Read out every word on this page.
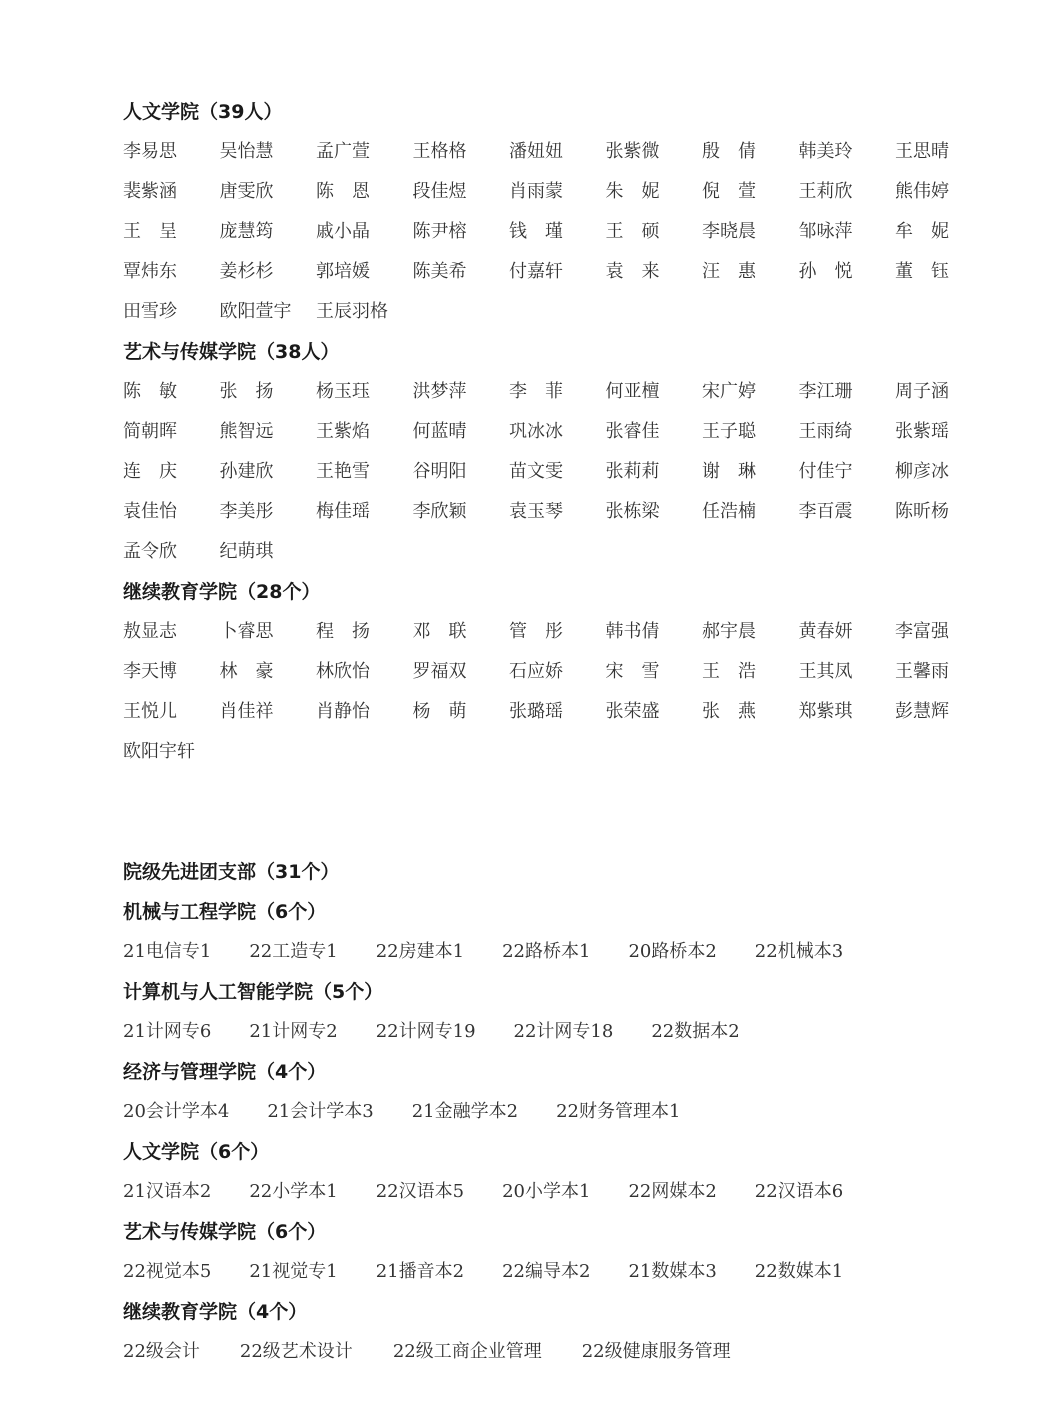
人文学院（39人）
李易思	吴怡慧	孟广萱	王格格	潘妞妞	张紫微	殷　倩	韩美玲	王思晴
裴紫涵	唐雯欣	陈　恩	段佳煜	肖雨蒙	朱　妮	倪　萱	王莉欣	熊伟婷
王　呈	庞慧筠	戚小晶	陈尹榕	钱　瑾	王　硕	李晓晨	邹咏萍	牟　妮
覃炜东	姜杉杉	郭培媛	陈美希	付嘉轩	袁　来	汪　惠	孙　悦	董　钰
田雪珍	欧阳萱宇	王辰羽格
艺术与传媒学院（38人）
陈　敏	张　扬	杨玉珏	洪梦萍	李　菲	何亚檀	宋广婷	李江珊	周子涵
简朝晖	熊智远	王紫焰	何蓝晴	巩冰冰	张睿佳	王子聪	王雨绮	张紫瑶
连　庆	孙建欣	王艳雪	谷明阳	苗文雯	张莉莉	谢　琳	付佳宁	柳彦冰
袁佳怡	李美彤	梅佳瑶	李欣颖	袁玉琴	张栋梁	任浩楠	李百震	陈昕杨
孟令欣	纪萌琪
继续教育学院（28个）
敖显志	卜睿思	程　扬	邓　联	管　彤	韩书倩	郝宇晨	黄春妍	李富强
李天博	林　豪	林欣怡	罗福双	石应娇	宋　雪	王　浩	王其凤	王馨雨
王悦儿	肖佳祥	肖静怡	杨　萌	张璐瑶	张荣盛	张　燕	郑紫琪	彭慧辉
欧阳宇轩
院级先进团支部（31个）
机械与工程学院（6个）
21电信专1 22工造专1 22房建本1 22路桥本1 20路桥本2 22机械本3
计算机与人工智能学院（5个）
21计网专6 21计网专2 22计网专19 22计网专18 22数据本2
经济与管理学院（4个）
20会计学本4 21会计学本3 21金融学本2 22财务管理本1
人文学院（6个）
21汉语本2 22小学本1 22汉语本5 20小学本1 22网媒本2 22汉语本6
艺术与传媒学院（6个）
22视觉本5 21视觉专1 21播音本2 22编导本2 21数媒本3 22数媒本1
继续教育学院（4个）
22级会计 22级艺术设计 22级工商企业管理 22级健康服务管理
